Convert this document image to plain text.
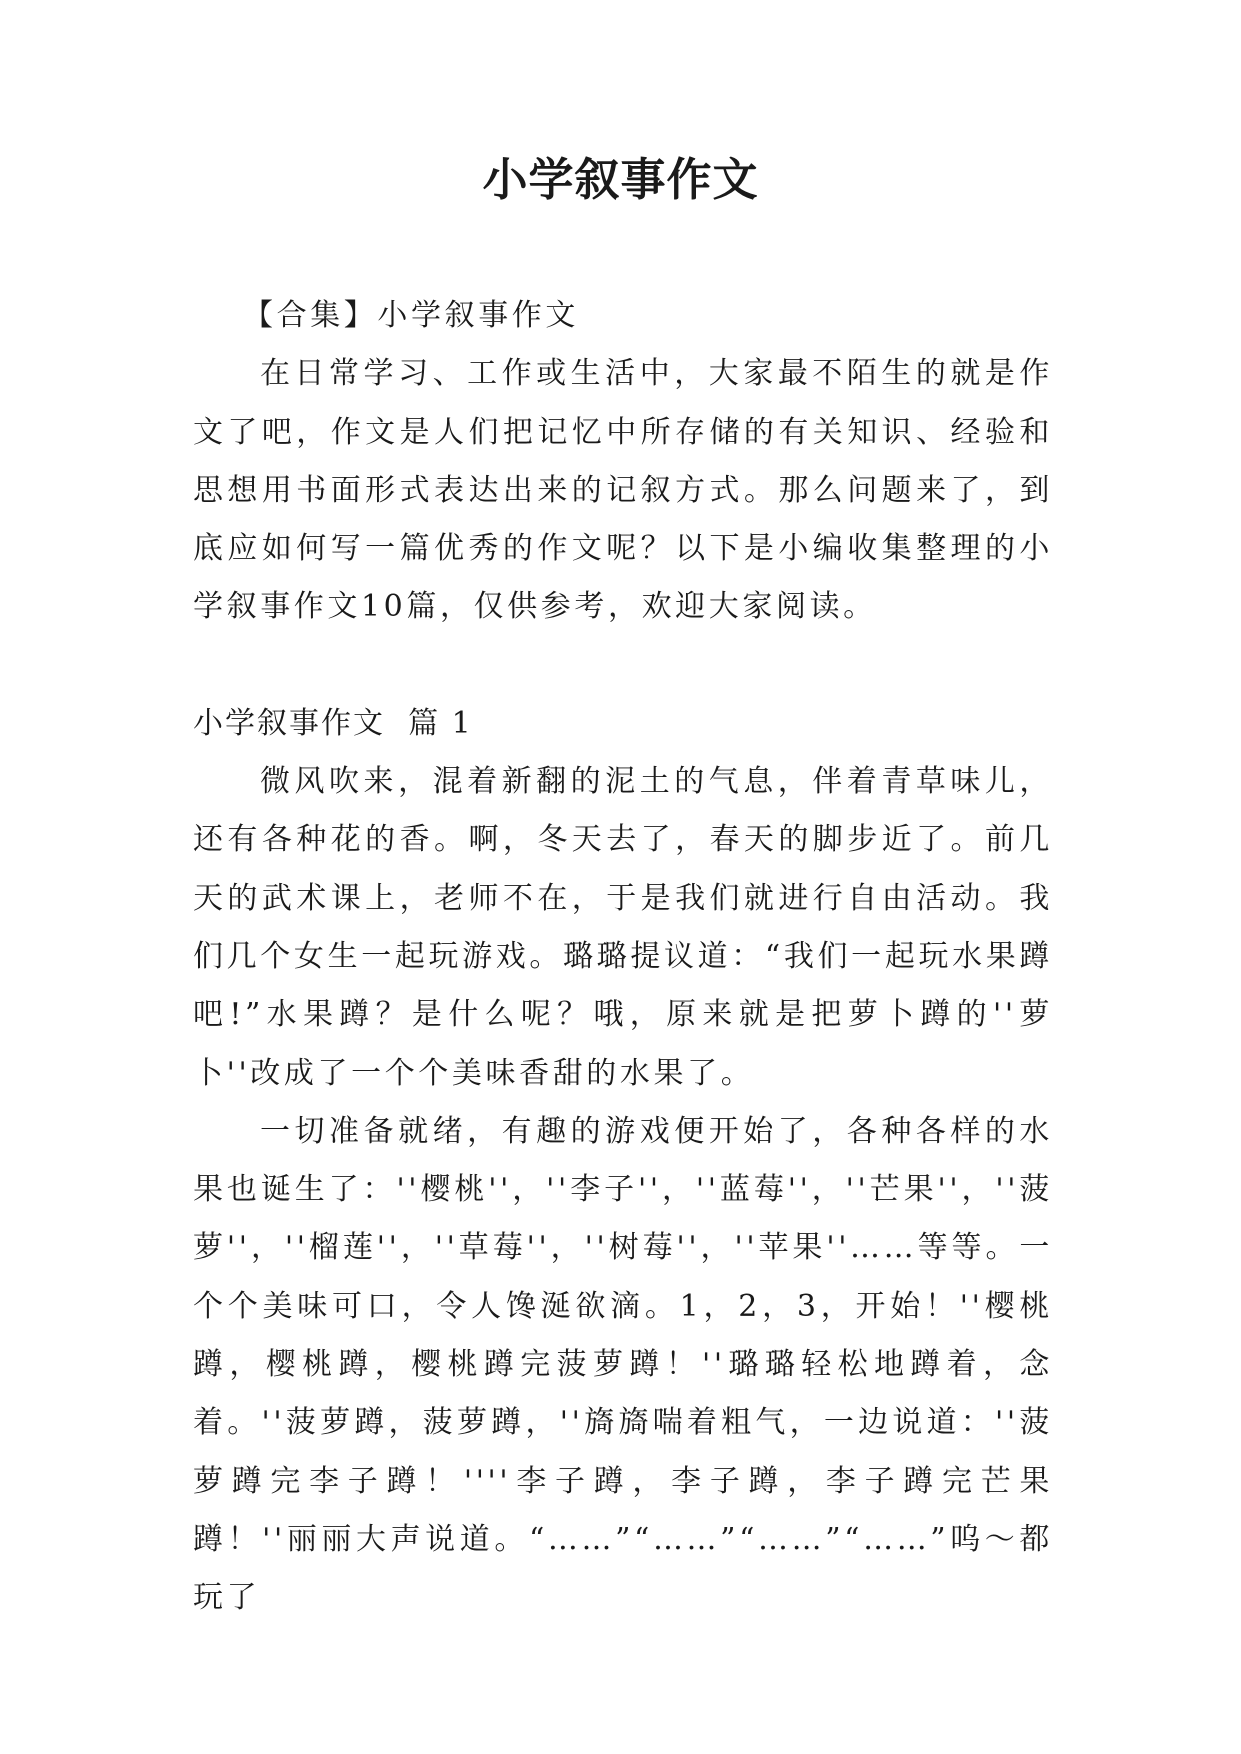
小学叙事作文

【合集】小学叙事作文

在日常学习、工作或生活中，大家最不陌生的就是作文了吧，作文是人们把记忆中所存储的有关知识、经验和思想用书面形式表达出来的记叙方式。那么问题来了，到底应如何写一篇优秀的作文呢？以下是小编收集整理的小学叙事作文10篇，仅供参考，欢迎大家阅读。

小学叙事作文  篇 1

微风吹来，混着新翻的泥土的气息，伴着青草味儿，还有各种花的香。啊，冬天去了，春天的脚步近了。前几天的武术课上，老师不在，于是我们就进行自由活动。我们几个女生一起玩游戏。璐璐提议道：“我们一起玩水果蹲吧!”水果蹲？是什么呢？哦，原来就是把萝卜蹲的''萝卜''改成了一个个美味香甜的水果了。

一切准备就绪，有趣的游戏便开始了，各种各样的水果也诞生了：''樱桃''，''李子''，''蓝莓''，''芒果''，''菠萝''，''榴莲''，''草莓''，''树莓''，''苹果''……等等。一个个美味可口，令人馋涎欲滴。1，2，3，开始！''樱桃蹲，樱桃蹲，樱桃蹲完菠萝蹲！''璐璐轻松地蹲着，念着。''菠萝蹲，菠萝蹲，''旖旖喘着粗气，一边说道：''菠萝蹲完李子蹲！''''李子蹲，李子蹲，李子蹲完芒果蹲！''丽丽大声说道。“……”“……”“……”“……”呜～都玩了
